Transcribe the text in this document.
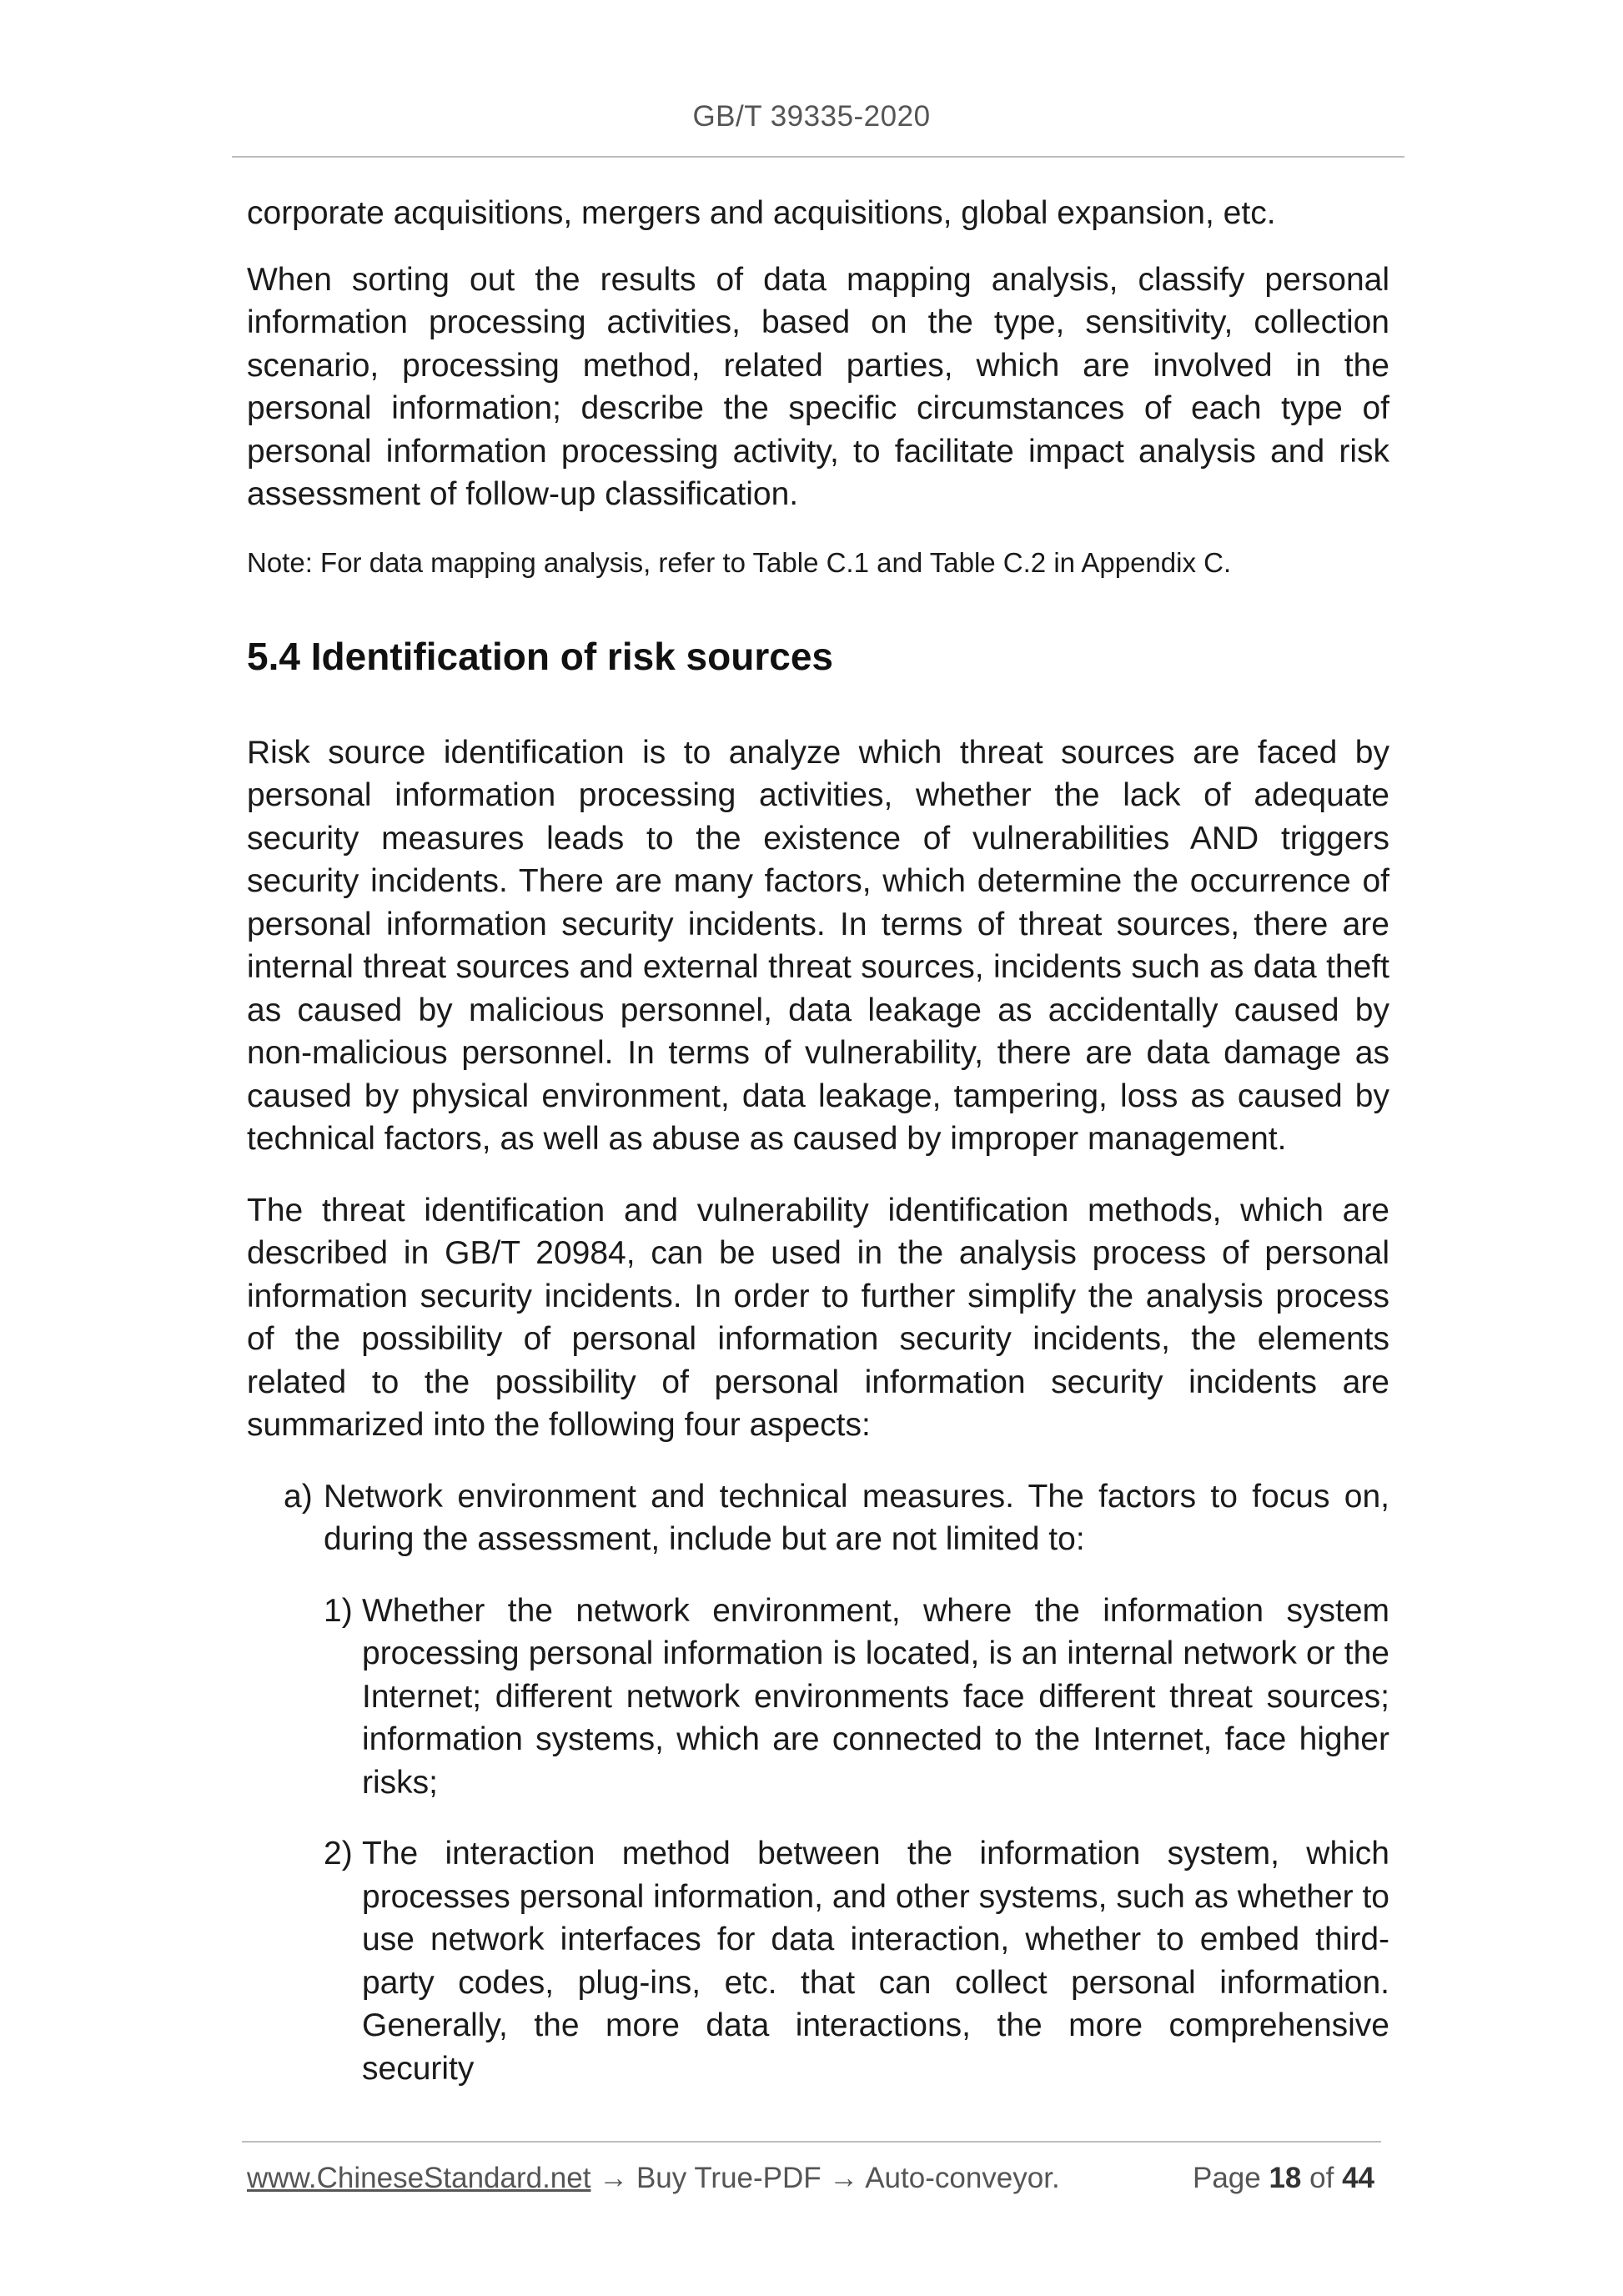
GB/T 39335-2020

corporate acquisitions, mergers and acquisitions, global expansion, etc.

When sorting out the results of data mapping analysis, classify personal information processing activities, based on the type, sensitivity, collection scenario, processing method, related parties, which are involved in the personal information; describe the specific circumstances of each type of personal information processing activity, to facilitate impact analysis and risk assessment of follow-up classification.

Note: For data mapping analysis, refer to Table C.1 and Table C.2 in Appendix C.

5.4 Identification of risk sources

Risk source identification is to analyze which threat sources are faced by personal information processing activities, whether the lack of adequate security measures leads to the existence of vulnerabilities AND triggers security incidents. There are many factors, which determine the occurrence of personal information security incidents. In terms of threat sources, there are internal threat sources and external threat sources, incidents such as data theft as caused by malicious personnel, data leakage as accidentally caused by non-malicious personnel. In terms of vulnerability, there are data damage as caused by physical environment, data leakage, tampering, loss as caused by technical factors, as well as abuse as caused by improper management.

The threat identification and vulnerability identification methods, which are described in GB/T 20984, can be used in the analysis process of personal information security incidents. In order to further simplify the analysis process of the possibility of personal information security incidents, the elements related to the possibility of personal information security incidents are summarized into the following four aspects:

a) Network environment and technical measures. The factors to focus on, during the assessment, include but are not limited to:
1) Whether the network environment, where the information system processing personal information is located, is an internal network or the Internet; different network environments face different threat sources; information systems, which are connected to the Internet, face higher risks;
2) The interaction method between the information system, which processes personal information, and other systems, such as whether to use network interfaces for data interaction, whether to embed third-party codes, plug-ins, etc. that can collect personal information. Generally, the more data interactions, the more comprehensive security
www.ChineseStandard.net → Buy True-PDF → Auto-conveyor.	Page 18 of 44
